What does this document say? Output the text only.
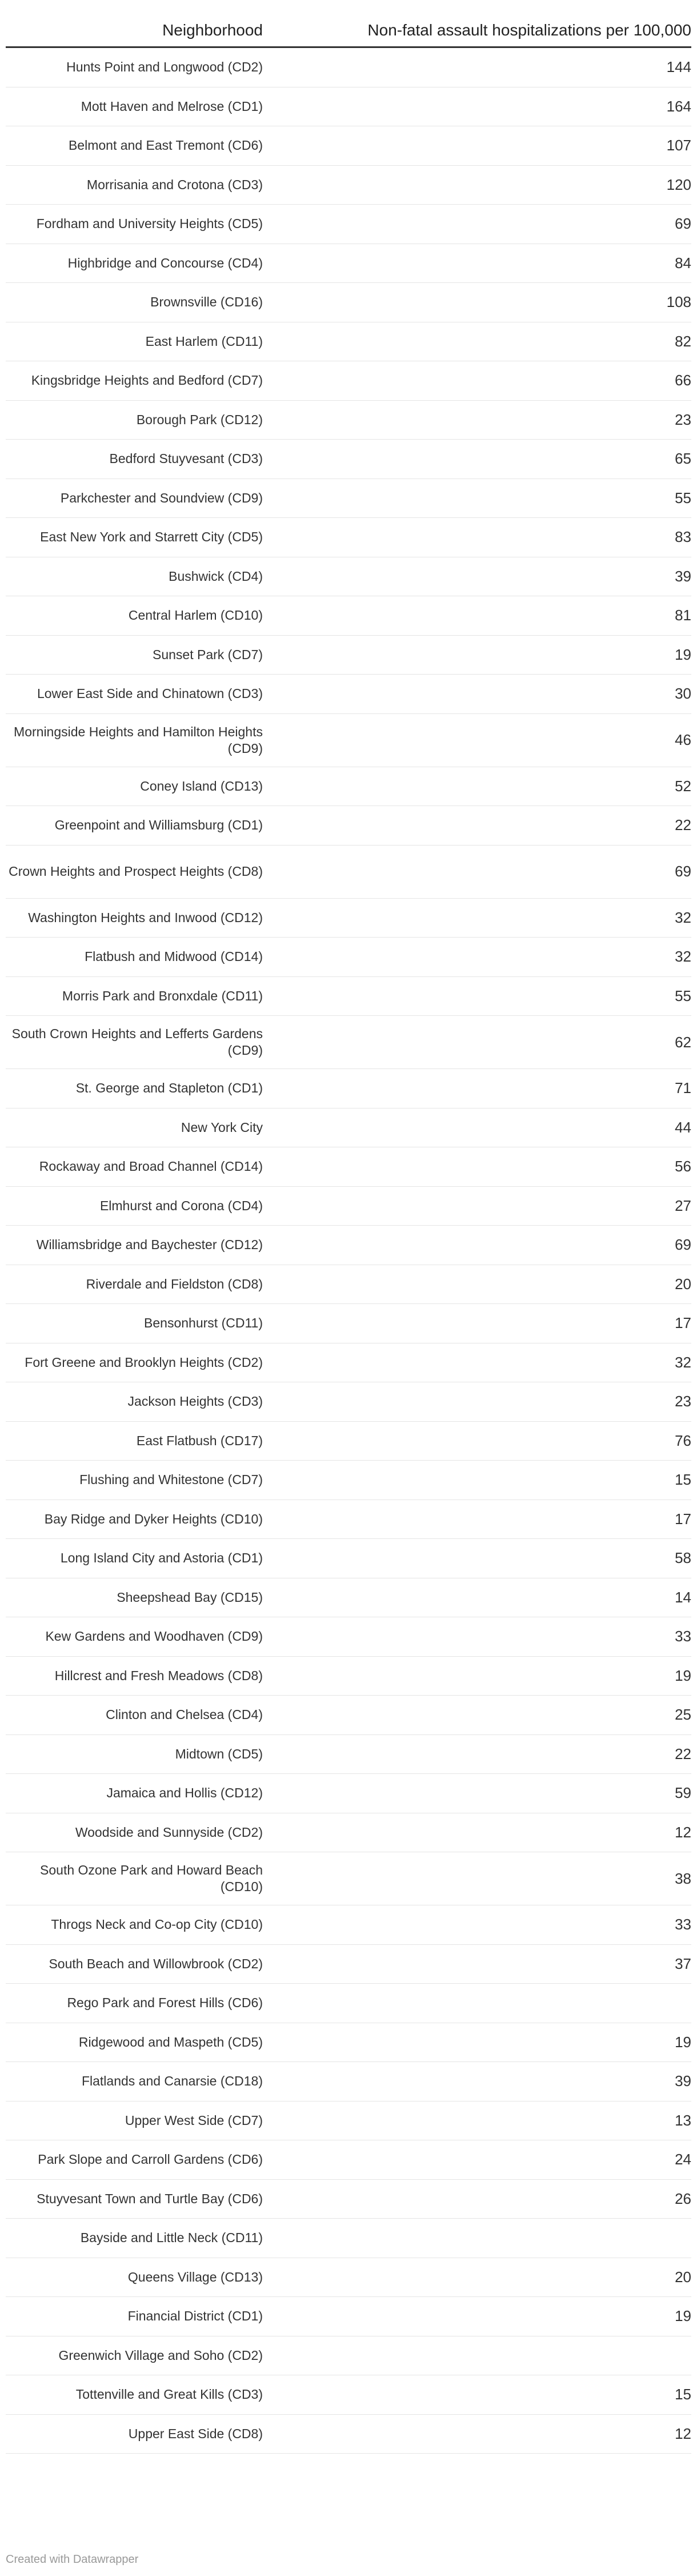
Neighborhood	Non-fatal assault hospitalizations per 100,000
Hunts Point and Longwood (CD2)	144
Mott Haven and Melrose (CD1)	164
Belmont and East Tremont (CD6)	107
Morrisania and Crotona (CD3)	120
Fordham and University Heights (CD5)	69
Highbridge and Concourse (CD4)	84
Brownsville (CD16)	108
East Harlem (CD11)	82
Kingsbridge Heights and Bedford (CD7)	66
Borough Park (CD12)	23
Bedford Stuyvesant (CD3)	65
Parkchester and Soundview (CD9)	55
East New York and Starrett City (CD5)	83
Bushwick (CD4)	39
Central Harlem (CD10)	81
Sunset Park (CD7)	19
Lower East Side and Chinatown (CD3)	30
Morningside Heights and Hamilton Heights (CD9)	46
Coney Island (CD13)	52
Greenpoint and Williamsburg (CD1)	22
Crown Heights and Prospect Heights (CD8)	69
Washington Heights and Inwood (CD12)	32
Flatbush and Midwood (CD14)	32
Morris Park and Bronxdale (CD11)	55
South Crown Heights and Lefferts Gardens (CD9)	62
St. George and Stapleton (CD1)	71
New York City	44
Rockaway and Broad Channel (CD14)	56
Elmhurst and Corona (CD4)	27
Williamsbridge and Baychester (CD12)	69
Riverdale and Fieldston (CD8)	20
Bensonhurst (CD11)	17
Fort Greene and Brooklyn Heights (CD2)	32
Jackson Heights (CD3)	23
East Flatbush (CD17)	76
Flushing and Whitestone (CD7)	15
Bay Ridge and Dyker Heights (CD10)	17
Long Island City and Astoria (CD1)	58
Sheepshead Bay (CD15)	14
Kew Gardens and Woodhaven (CD9)	33
Hillcrest and Fresh Meadows (CD8)	19
Clinton and Chelsea (CD4)	25
Midtown (CD5)	22
Jamaica and Hollis (CD12)	59
Woodside and Sunnyside (CD2)	12
South Ozone Park and Howard Beach (CD10)	38
Throgs Neck and Co-op City (CD10)	33
South Beach and Willowbrook (CD2)	37
Rego Park and Forest Hills (CD6)
Ridgewood and Maspeth (CD5)	19
Flatlands and Canarsie (CD18)	39
Upper West Side (CD7)	13
Park Slope and Carroll Gardens (CD6)	24
Stuyvesant Town and Turtle Bay (CD6)	26
Bayside and Little Neck (CD11)
Queens Village (CD13)	20
Financial District (CD1)	19
Greenwich Village and Soho (CD2)
Tottenville and Great Kills (CD3)	15
Upper East Side (CD8)	12
Created with Datawrapper
